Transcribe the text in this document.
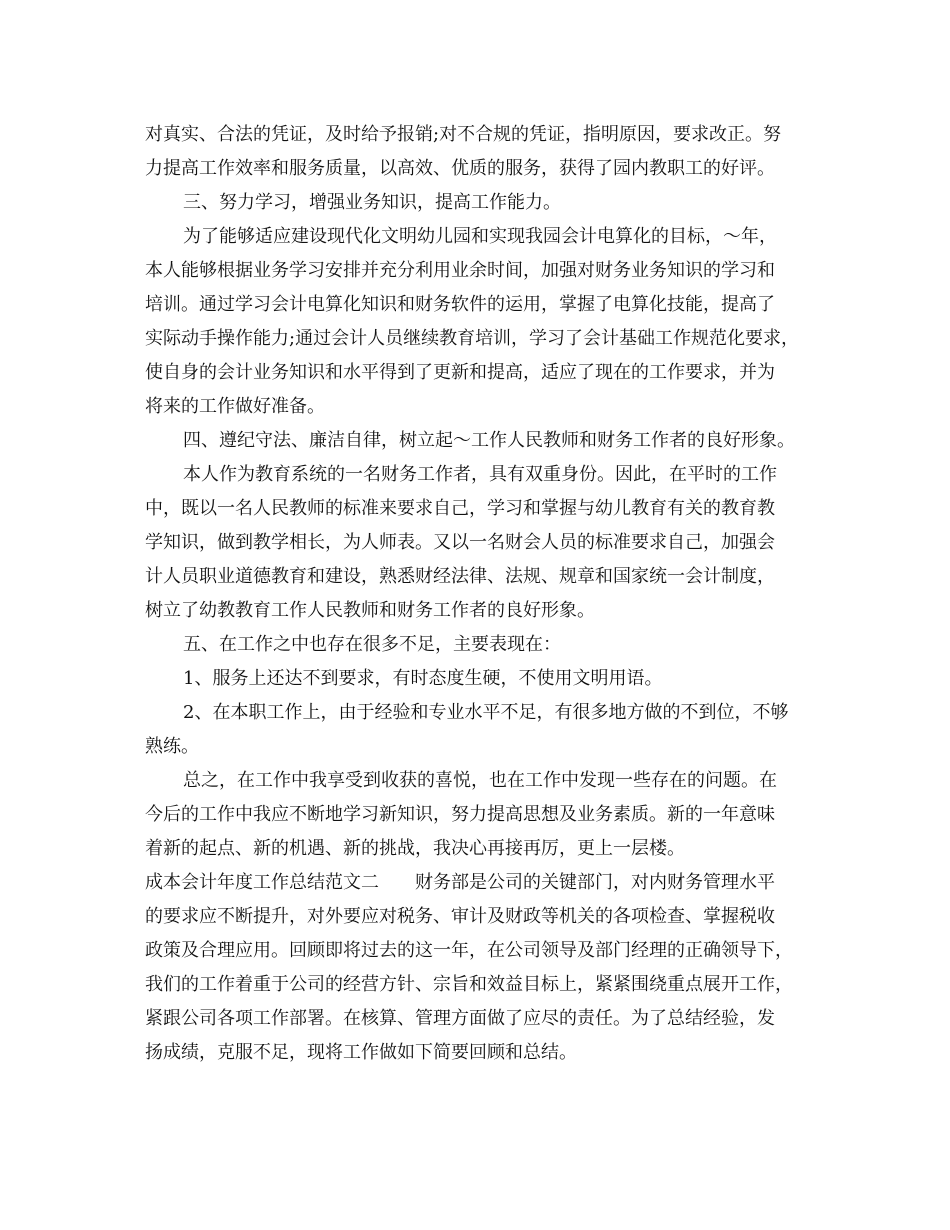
对真实、合法的凭证，及时给予报销;对不合规的凭证，指明原因，要求改正。努
力提高工作效率和服务质量，以高效、优质的服务，获得了园内教职工的好评。
三、努力学习，增强业务知识，提高工作能力。
为了能够适应建设现代化文明幼儿园和实现我园会计电算化的目标，～年，
本人能够根据业务学习安排并充分利用业余时间，加强对财务业务知识的学习和
培训。通过学习会计电算化知识和财务软件的运用，掌握了电算化技能，提高了
实际动手操作能力;通过会计人员继续教育培训，学习了会计基础工作规范化要求，
使自身的会计业务知识和水平得到了更新和提高，适应了现在的工作要求，并为
将来的工作做好准备。
四、遵纪守法、廉洁自律，树立起～工作人民教师和财务工作者的良好形象。
本人作为教育系统的一名财务工作者，具有双重身份。因此，在平时的工作
中，既以一名人民教师的标准来要求自己，学习和掌握与幼儿教育有关的教育教
学知识，做到教学相长，为人师表。又以一名财会人员的标准要求自己，加强会
计人员职业道德教育和建设，熟悉财经法律、法规、规章和国家统一会计制度，
树立了幼教教育工作人民教师和财务工作者的良好形象。
五、在工作之中也存在很多不足，主要表现在：
1、服务上还达不到要求，有时态度生硬，不使用文明用语。
2、在本职工作上，由于经验和专业水平不足，有很多地方做的不到位，不够
熟练。
总之，在工作中我享受到收获的喜悦，也在工作中发现一些存在的问题。在
今后的工作中我应不断地学习新知识，努力提高思想及业务素质。新的一年意味
着新的起点、新的机遇、新的挑战，我决心再接再厉，更上一层楼。
成本会计年度工作总结范文二　　财务部是公司的关键部门，对内财务管理水平
的要求应不断提升，对外要应对税务、审计及财政等机关的各项检查、掌握税收
政策及合理应用。回顾即将过去的这一年，在公司领导及部门经理的正确领导下，
我们的工作着重于公司的经营方针、宗旨和效益目标上，紧紧围绕重点展开工作，
紧跟公司各项工作部署。在核算、管理方面做了应尽的责任。为了总结经验，发
扬成绩，克服不足，现将工作做如下简要回顾和总结。
